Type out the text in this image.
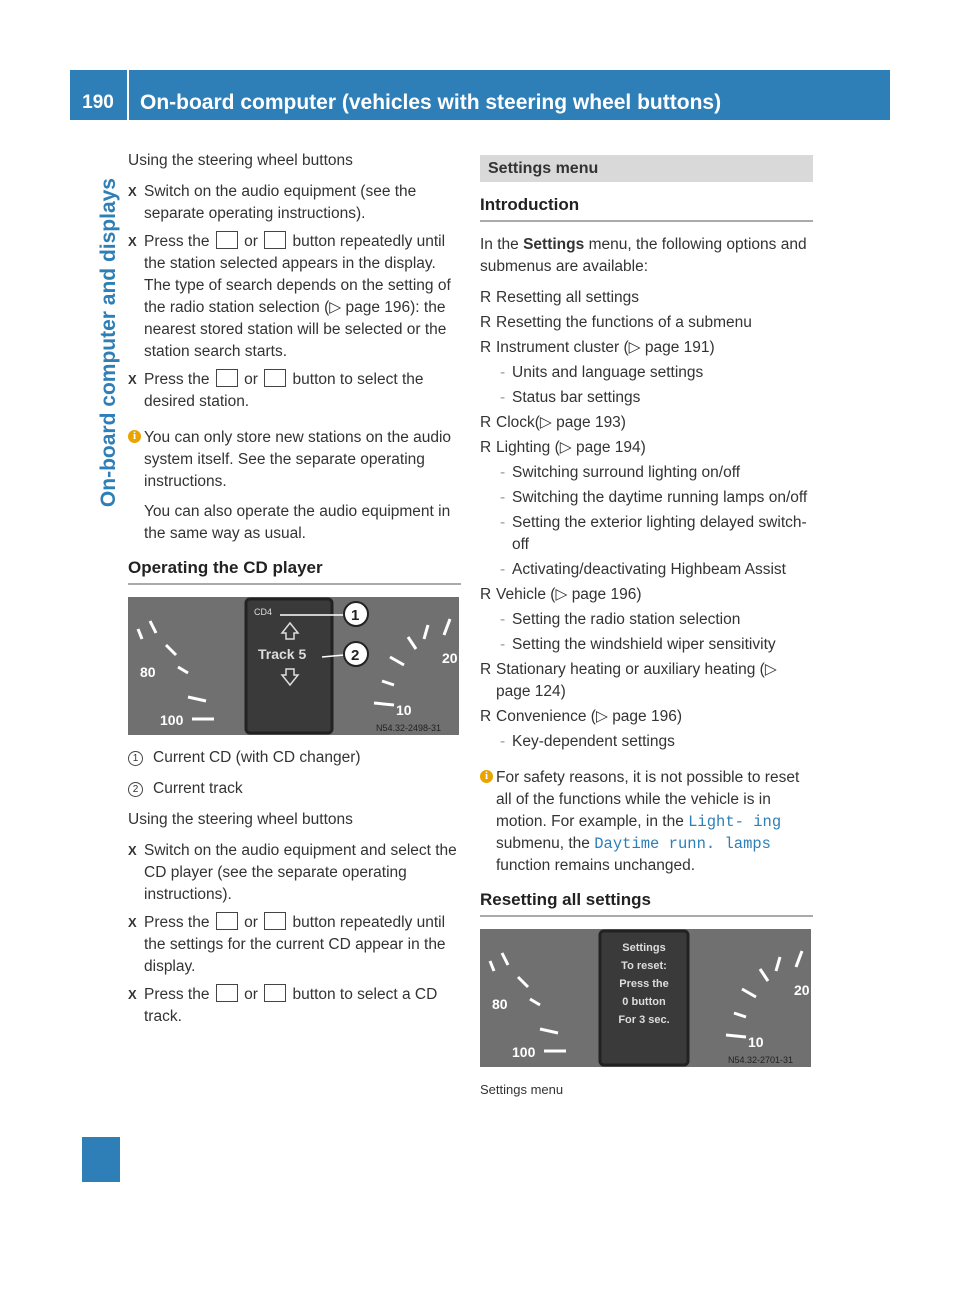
190	On-board computer (vehicles with steering wheel buttons)
On-board computer and displays

Using the steering wheel buttons

X Switch on the audio equipment (see the separate operating instructions).
X Press the or button repeatedly until the station selected appears in the display.
The type of search depends on the setting of the radio station selection (▷ page 196): the nearest stored station will be selected or the station search starts.
X Press the or button to select the desired station.
i You can only store new stations on the audio system itself. See the separate operating instructions.

You can also operate the audio equipment in the same way as usual.

Operating the CD player
80
100
10
20
CD4
Track 5
1
2
N54.32-2498-31

1 Current CD (with CD changer)

2 Current track

Using the steering wheel buttons

X Switch on the audio equipment and select the CD player (see the separate operating instructions).
X Press the or button repeatedly until the settings for the current CD appear in the display.
X Press the or button to select a CD track.
Settings menu
Introduction

In the Settings menu, the following options and submenus are available:

R Resetting all settings
R Resetting the functions of a submenu
R Instrument cluster (▷ page 191)
- Units and language settings
- Status bar settings
R Clock(▷ page 193)
R Lighting (▷ page 194)
- Switching surround lighting on/off
- Switching the daytime running lamps on/off
- Setting the exterior lighting delayed switch-off
- Activating/deactivating Highbeam Assist
R Vehicle (▷ page 196)
- Setting the radio station selection
- Setting the windshield wiper sensitivity
R Stationary heating or auxiliary heating (▷ page 124)
R Convenience (▷ page 196)
- Key-dependent settings
i For safety reasons, it is not possible to reset all of the functions while the vehicle is in motion. For example, in the Light‐ ing submenu, the Daytime runn. lamps function remains unchanged.
Resetting all settings
80
100
10
20
Settings
To reset:
Press the
0 button
For 3 sec.
N54.32-2701-31
Settings menu
